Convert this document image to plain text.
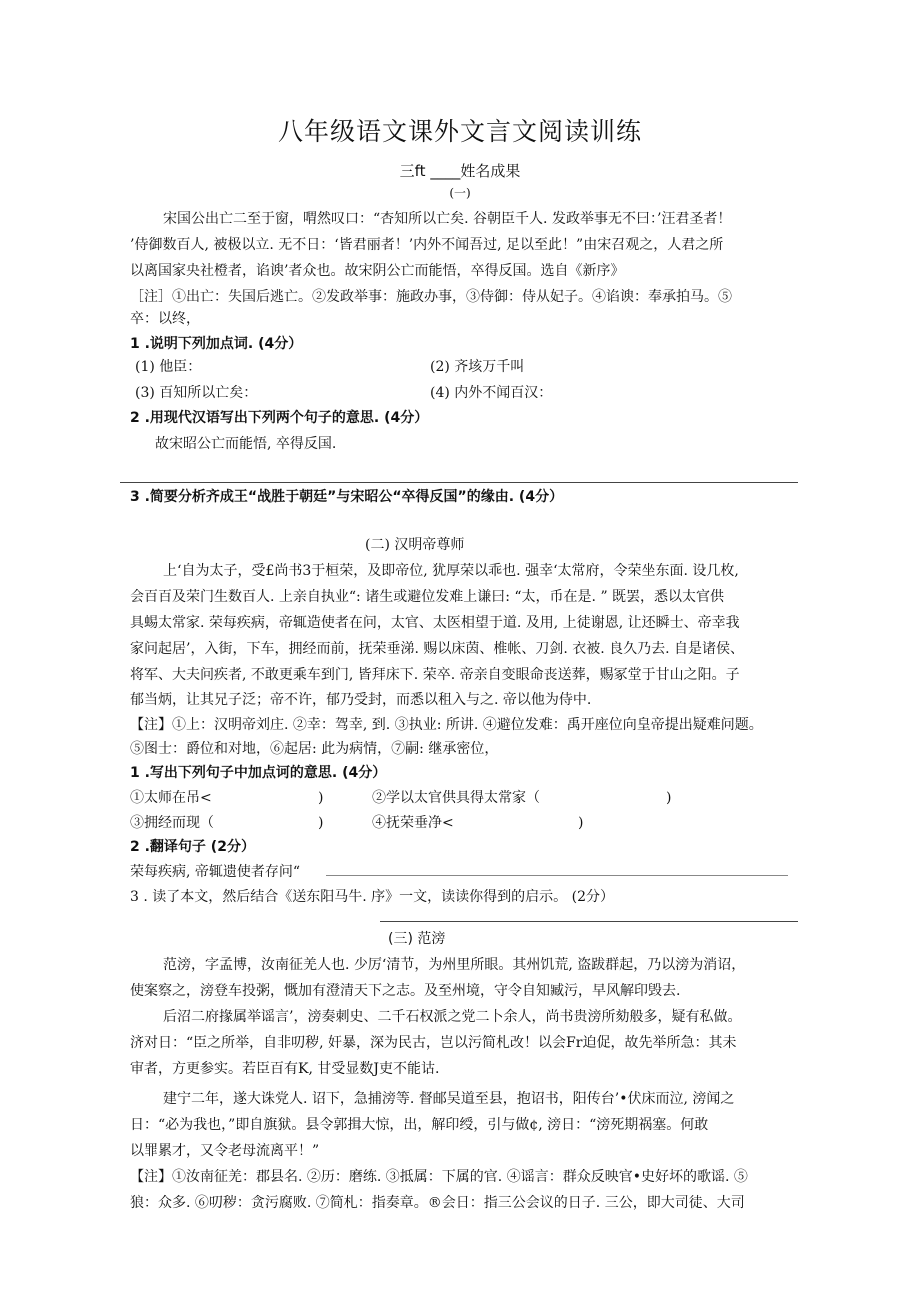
八年级语文课外文言文阅读训练
三ft ____姓名成果
(一)
宋国公出亡二至于窗，喟然叹口：“杏知所以亡矣. 谷朝臣千人. 发政举事无不曰：’汪君圣者！
’侍御数百人, 被极以立. 无不日：‘皆君丽者！’内外不闻吾过, 足以至此！”由宋召观之，人君之所
以离国家央社橙者，谄谀’者众也。故宋阴公亡而能悟，卒得反国。选自《新序》
［注］①出亡：失国后逃亡。②发政举事：施政办事，③侍御：侍从妃子。④谄谀：奉承拍马。⑤
卒：以终，
1 .说明下列加点词. (4分）
(1) 他臣：	(2) 齐垓万千叫
(3) 百知所以亡矣：	(4) 内外不闻百汉：
2 .用现代汉语写出下列两个句子的意思. (4分）
故宋昭公亡而能悟, 卒得反国.
3 .简要分析齐成王“战胜于朝廷”与宋昭公“卒得反国”的缘由. (4分）
(二) 汉明帝尊师
上‘自为太子，受£尚书3于桓荣，及即帝位, 犹厚荣以乖也. 强幸‘太常府，令荣坐东面. 设几枚,
会百百及荣门生数百人. 上亲自执业“: 诸生或避位发难上谦曰: “太，币在是. ” 既罢，悉以太官供
具蜴太常家. 荣每疾病，帝辄造使者在问，太官、太医相望于道. 及用, 上徒谢恩, 让还瞬士、帝幸我
家问起居’，入街，下车，拥经而前，抚荣垂涕. 赐以床茵、椎帐、刀剑. 衣被. 良久乃去. 自是诸侯、
将军、大夫问疾者, 不敢更乘车到门, 皆拜床下. 荣卒. 帝亲自变眼命丧送葬，赐冢堂于甘山之阳。子
郁当炳，让其兄子泛；帝不许，郁乃受封，而悉以租入与之. 帝以他为侍中.
【注】①上：汉明帝刘庄. ②幸：驾幸, 到. ③执业: 所讲. ④避位发难：禹开座位向皇帝提出疑难问题。
⑤图士：爵位和对地，⑥起居: 此为病情，⑦嗣: 继承密位，
1 .写出下列句子中加点诃的意思. (4分）
①太师在吊<	)	②学以太官供具得太常家（	)
③拥经而现（	)	④抚荣垂净<	)
2 .翻译句子 (2分）
荣每疾病, 帝辄遗使者存问“
3 . 读了本文，然后结合《送东阳马牛. 序》一文，读读你得到的启示。 (2分）
(三) 范滂
范滂，字孟博，汝南征羌人也. 少厉‘清节，为州里所眼。其州饥荒, 盗跋群起，乃以滂为消诏，
使案察之，滂登车投粥，慨加有澄清天下之志。及至州境，守令自知臧污，早风解印毁去.
后沼二府掾属举谣言’，滂奏刺史、二千石权派之党二卜余人，尚书贵滂所劾般多，疑有私做。
济对日：“臣之所举，自非叨秽, 奸暴，深为民古，岂以污简札改！以会Fr迫促，故先举所急：其未
审者，方更参实。若臣百有K, 甘受显数J吏不能诂.
建宁二年，遂大诛党人. 诏下，急捕滂等. 督邮吴道至县，抱诏书，阳传台’•伏床而泣, 滂闻之
日：“必为我也，”即自旗狱。县令郭揖大惊，出，解印绶，引与做¢, 滂日：“滂死期祸塞。何敢
以罪累才，又令老母流离平！”
【注】①汝南征羌：郡县名. ②历：磨练. ③抵属：下属的官. ④谣言：群众反映官•史好坏的歌谣. ⑤
狼：众多. ⑥叨秽：贪污腐败. ⑦简札：指奏章。®会日：指三公会议的日子. 三公，即大司徒、大司
